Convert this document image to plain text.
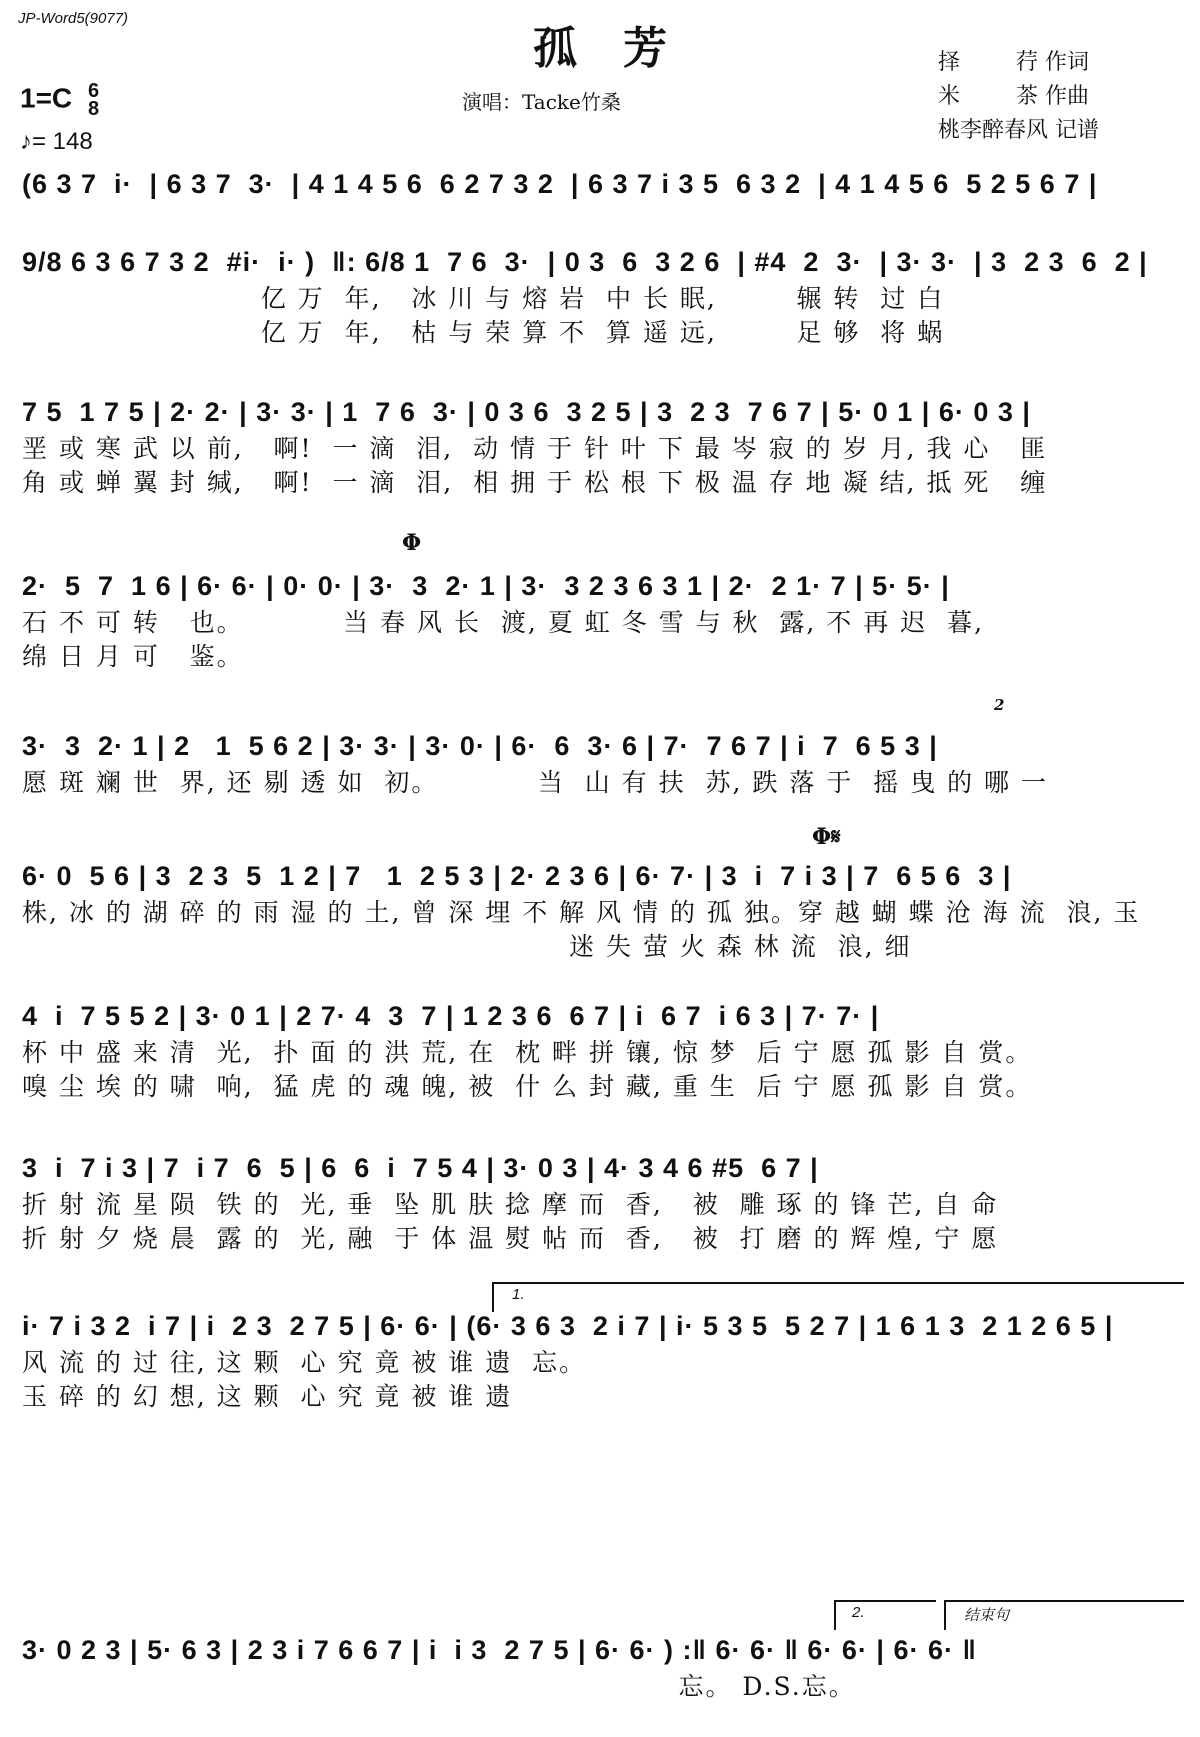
JP-Word5(9077)
孤芳
演唱：Tacke竹桑
择        荇 作词
米        茶 作曲
桃李醉春风 记谱
1=C 6
8
♪= 148
(6 3 7  i·  | 6 3 7  3·  | 4 1 4 5 6  6 2 7 3 2  | 6 3 7 i 3 5  6 3 2  | 4 1 4 5 6  5 2 5 6 7 |
9/8 6 3 6 7 3 2  #i·  i· )  ‖: 6/8 1  7 6  3·  | 0 3  6  3 2 6  | #4  2  3·  | 3· 3·  | 3  2 3  6  2 |
亿 万  年,   冰 川 与 熔 岩  中 长 眠,        辗 转  过 白
亿 万  年,   枯 与 荣 算 不  算 遥 远,        足 够  将 蜗
7 5  1 7 5 | 2· 2· | 3· 3· | 1  7 6  3· | 0 3 6  3 2 5 | 3  2 3  7 6 7 | 5· 0 1 | 6· 0 3 |
垩 或 寒 武 以 前,   啊!  一 滴  泪,  动 情 于 针 叶 下 最 岑 寂 的 岁 月, 我 心   匪
角 或 蝉 翼 封 缄,   啊!  一 滴  泪,  相 拥 于 松 根 下 极 温 存 地 凝 结, 抵 死   缠
Φ
2·  5  7  1 6 | 6· 6· | 0· 0· | 3·  3  2· 1 | 3·  3 2 3 6 3 1 | 2·  2 1· 7 | 5· 5· |
石 不 可 转   也。          当 春 风 长  渡, 夏 虹 冬 雪 与 秋  露, 不 再 迟  暮,
绵 日 月 可   鉴。
2
3·  3  2· 1 | 2   1  5 6 2 | 3· 3· | 3· 0· | 6·  6  3· 6 | 7·  7 6 7 | i  7  6 5 3 |
愿 斑 斓 世  界, 还 剔 透 如  初。          当  山 有 扶  苏, 跌 落 于  摇 曳 的 哪 一
Φ𝄋
6· 0  5 6 | 3  2 3  5  1 2 | 7   1  2 5 3 | 2· 2 3 6 | 6· 7· | 3  i  7 i 3 | 7  6 5 6  3 |
株, 冰 的 湖 碎 的 雨 湿 的 土, 曾 深 埋 不 解 风 情 的 孤 独。穿 越 蝴 蝶 沧 海 流  浪, 玉
迷 失 萤 火 森 林 流  浪, 细
4  i  7 5 5 2 | 3· 0 1 | 2 7· 4  3  7 | 1 2 3 6  6 7 | i  6 7  i 6 3 | 7· 7· |
杯 中 盛 来 清  光,  扑 面 的 洪 荒, 在  枕 畔 拼 镶, 惊 梦  后 宁 愿 孤 影 自 赏。
嗅 尘 埃 的 啸  响,  猛 虎 的 魂 魄, 被  什 么 封 藏, 重 生  后 宁 愿 孤 影 自 赏。
3  i  7 i 3 | 7  i 7  6  5 | 6  6  i  7 5 4 | 3· 0 3 | 4· 3 4 6 #5  6 7 |
折 射 流 星 陨  铁 的  光, 垂  坠 肌 肤 捻 摩 而  香,   被  雕 琢 的 锋 芒, 自 命
折 射 夕 烧 晨  露 的  光, 融  于 体 温 熨 帖 而  香,   被  打 磨 的 辉 煌, 宁 愿
1.
i· 7 i 3 2  i 7 | i  2 3  2 7 5 | 6· 6· | (6· 3 6 3  2 i 7 | i· 5 3 5  5 2 7 | 1 6 1 3  2 1 2 6 5 |
风 流 的 过 往, 这 颗  心 究 竟 被 谁 遗  忘。
玉 碎 的 幻 想, 这 颗  心 究 竟 被 谁 遗
2.	结束句
3· 0 2 3 | 5· 6 3 | 2 3 i 7 6 6 7 | i  i 3  2 7 5 | 6· 6· ) :‖ 6· 6· ‖ 6· 6· | 6· 6· ‖
忘。 D.S.忘。
